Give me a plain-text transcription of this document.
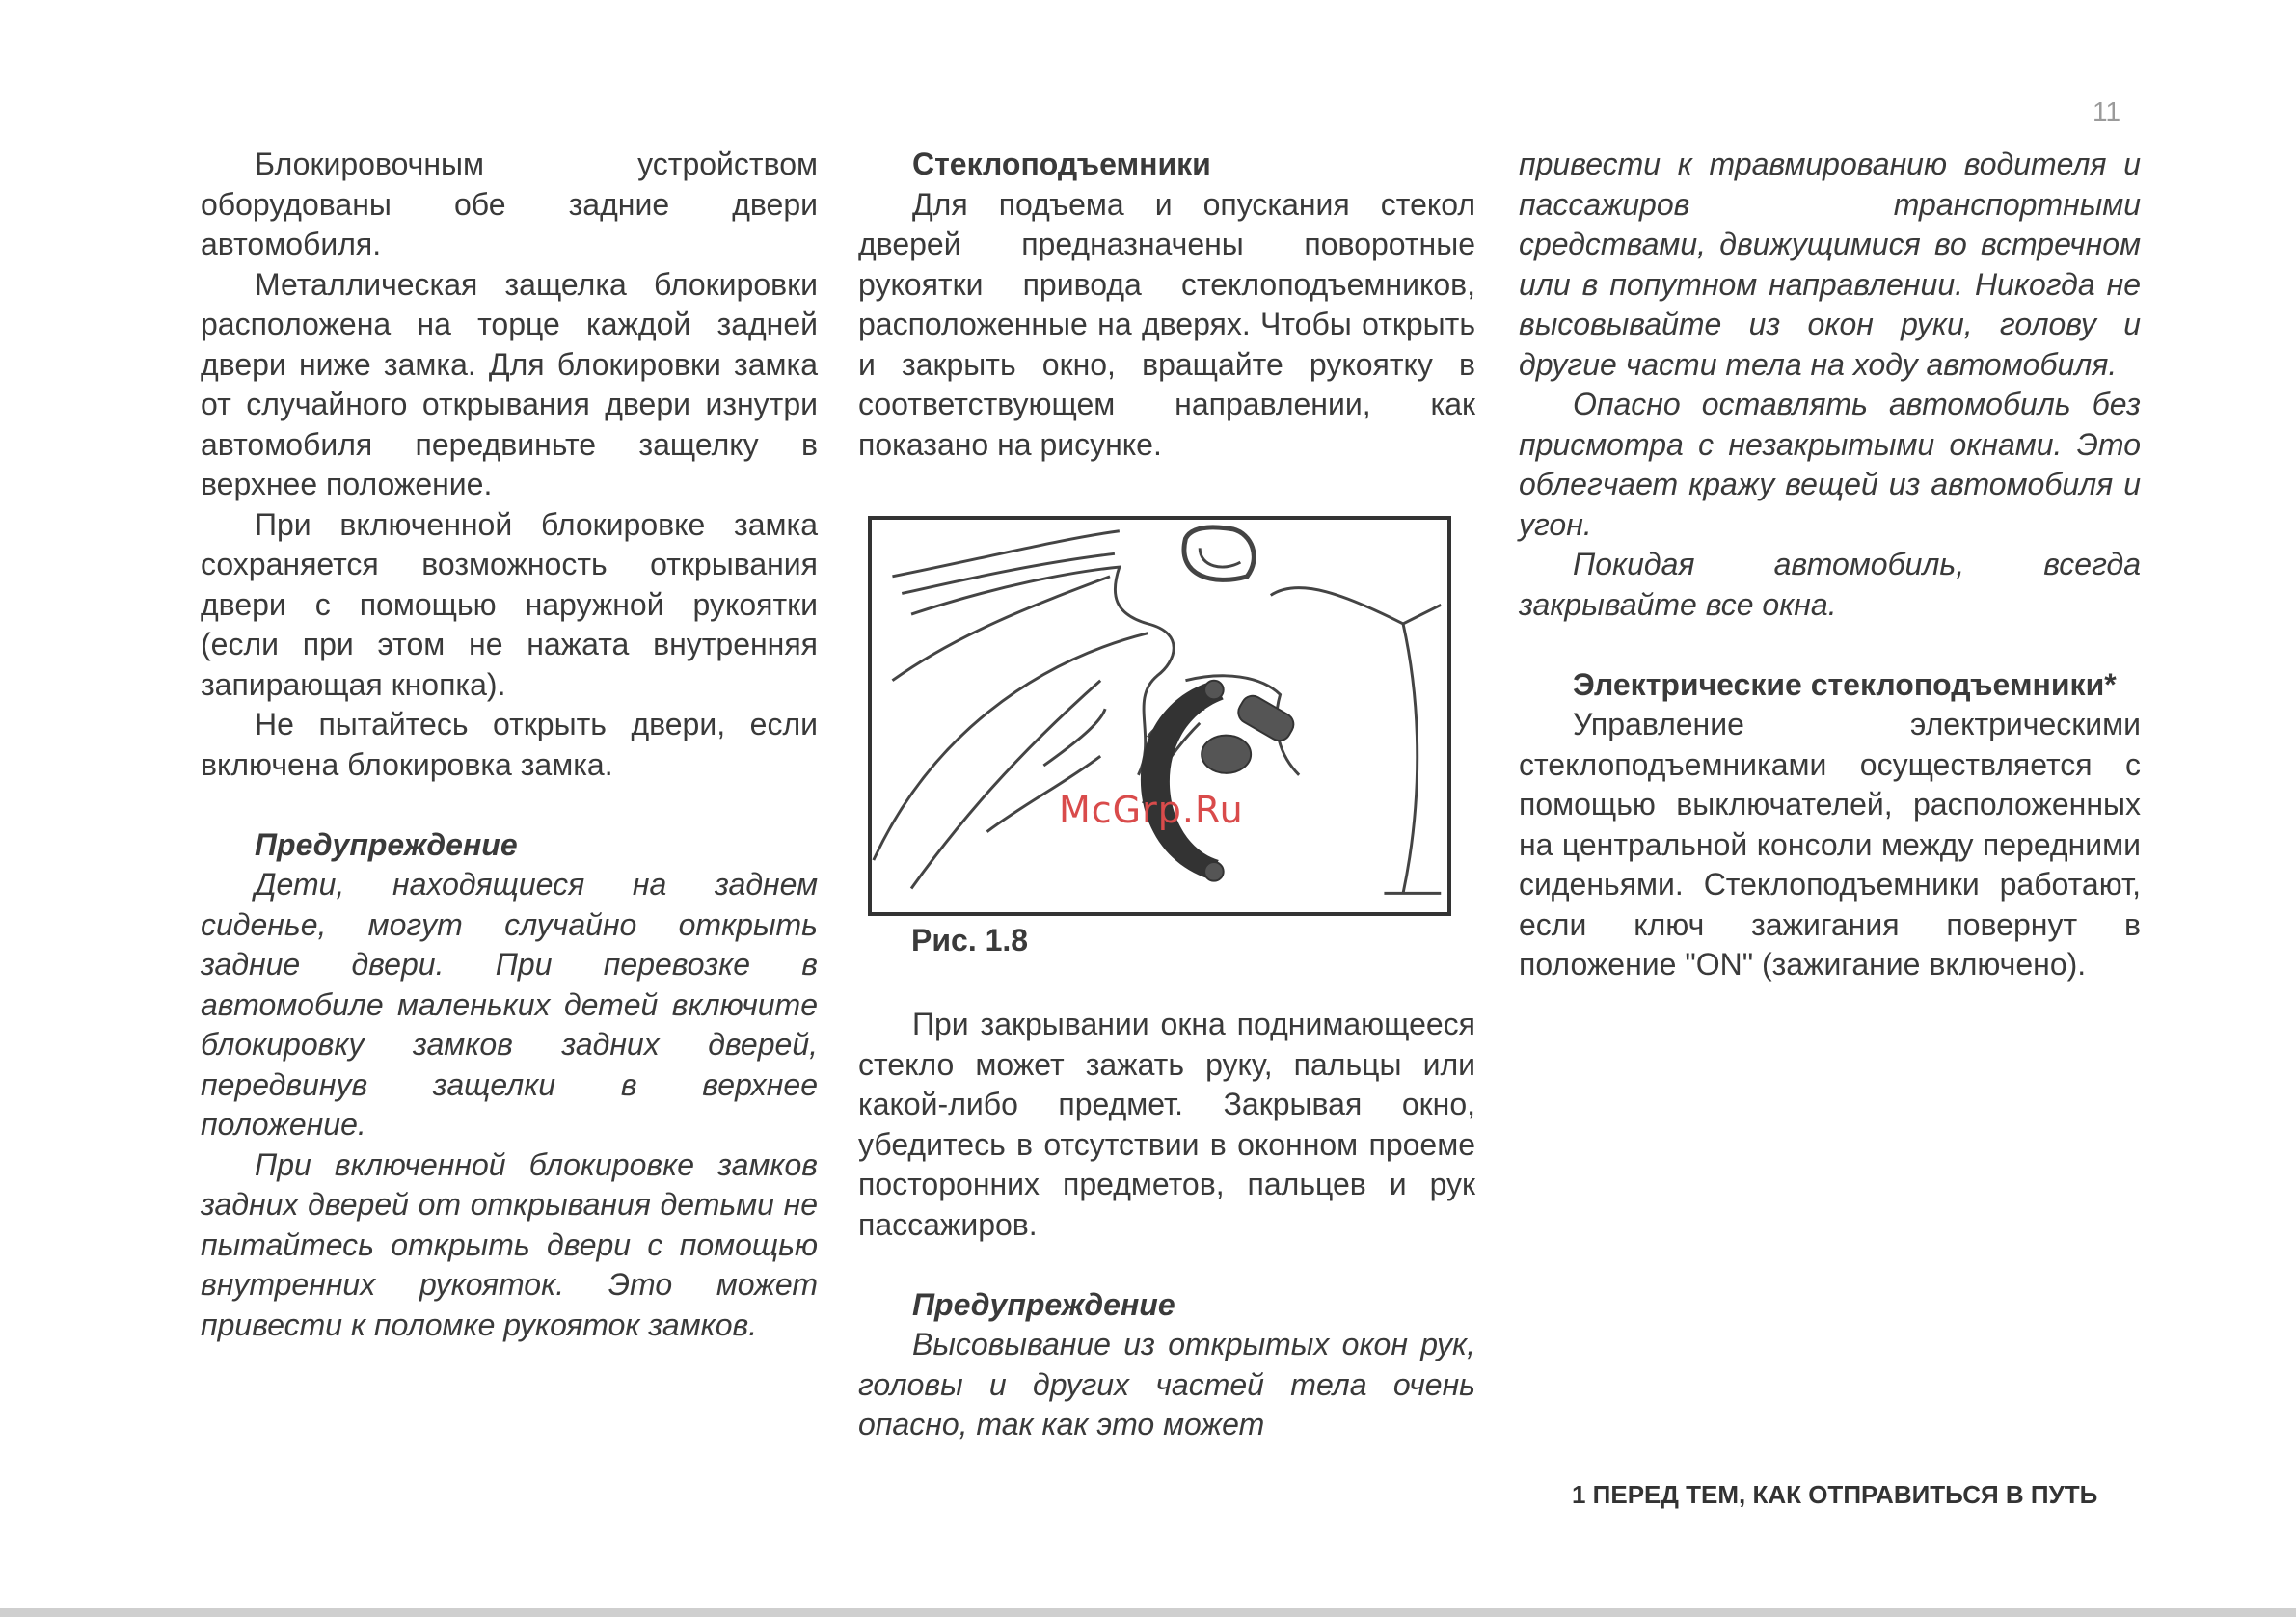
11

Блокировочным устройством оборудованы обе задние двери автомобиля.

Металлическая защелка блокировки расположена на торце каждой задней двери ниже замка. Для блокировки замка от случайного открывания двери изнутри автомобиля передвиньте защелку в верхнее положение.

При включенной блокировке замка сохраняется возможность открывания двери с помощью наружной рукоятки (если при этом не нажата внутренняя запирающая кнопка).

Не пытайтесь открыть двери, если включена блокировка замка.

Предупреждение

Дети, находящиеся на заднем сиденье, могут случайно открыть задние двери. При перевозке в автомобиле маленьких детей включите блокировку замков задних дверей, передвинув защелки в верхнее положение.

При включенной блокировке замков задних дверей от открывания детьми не пытайтесь открыть двери с помощью внутренних рукояток. Это может привести к поломке рукояток замков.

Стеклоподъемники

Для подъема и опускания стекол дверей предназначены поворотные рукоятки привода стеклоподъемников, расположенные на дверях. Чтобы открыть и закрыть окно, вращайте рукоятку в соответствующем направлении, как показано на рисунке.

При закрывании окна поднимающееся стекло может зажать руку, пальцы или какой-либо предмет. Закрывая окно, убедитесь в отсутствии в оконном проеме посторонних предметов, пальцев и рук пассажиров.

Предупреждение

Высовывание из открытых окон рук, головы и других частей тела очень опасно, так как это может

McGrp.Ru
Рис. 1.8

привести к травмированию водителя и пассажиров транспортными средствами, движущимися во встречном или в попутном направлении. Никогда не высовывайте из окон руки, голову и другие части тела на ходу автомобиля.

Опасно оставлять автомобиль без присмотра с незакрытыми окнами. Это облегчает кражу вещей из автомобиля и угон.

Покидая автомобиль, всегда закрывайте все окна.

Электрические стеклоподъемники*

Управление электрическими стеклоподъемниками осуществляется с помощью выключателей, расположенных на центральной консоли между передними сиденьями. Стеклоподъемники работают, если ключ зажигания повернут в положение "ON" (зажигание включено).

1 ПЕРЕД ТЕМ, КАК ОТПРАВИТЬСЯ В ПУТЬ
